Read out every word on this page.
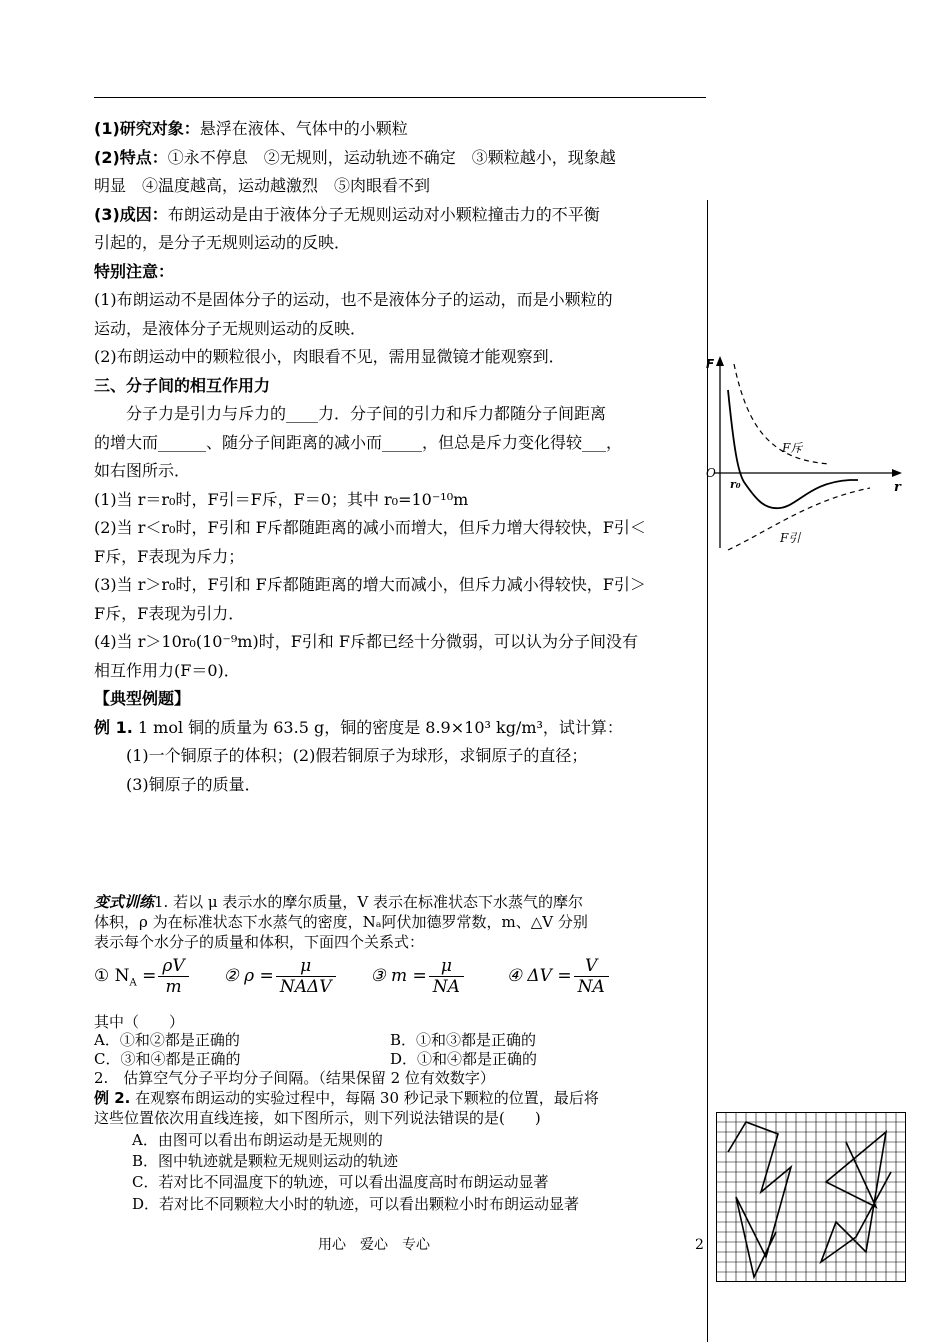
(1)研究对象：悬浮在液体、气体中的小颗粒
(2)特点：①永不停息　②无规则，运动轨迹不确定　③颗粒越小，现象越
明显　④温度越高，运动越激烈　⑤肉眼看不到
(3)成因：布朗运动是由于液体分子无规则运动对小颗粒撞击力的不平衡
引起的，是分子无规则运动的反映．
特别注意：
(1)布朗运动不是固体分子的运动，也不是液体分子的运动，而是小颗粒的
运动，是液体分子无规则运动的反映．
(2)布朗运动中的颗粒很小，肉眼看不见，需用显微镜才能观察到．
三、分子间的相互作用力
分子力是引力与斥力的____力．分子间的引力和斥力都随分子间距离
的增大而______、随分子间距离的减小而_____，但总是斥力变化得较___，
如右图所示．
(1)当 r＝r₀时，F引＝F斥，F＝0；其中 r₀=10⁻¹⁰m
(2)当 r＜r₀时，F引和 F斥都随距离的减小而增大，但斥力增大得较快，F引＜
F斥，F表现为斥力；
(3)当 r＞r₀时，F引和 F斥都随距离的增大而减小，但斥力减小得较快，F引＞
F斥，F表现为引力．
(4)当 r＞10r₀(10⁻⁹m)时，F引和 F斥都已经十分微弱，可以认为分子间没有
相互作用力(F＝0)．
【典型例题】
例 1. 1 mol 铜的质量为 63.5 g，铜的密度是 8.9×10³ kg/m³，试计算：
(1)一个铜原子的体积；(2)假若铜原子为球形，求铜原子的直径；
(3)铜原子的质量．
变式训练1. 若以 μ 表示水的摩尔质量，V 表示在标准状态下水蒸气的摩尔
体积，ρ 为在标准状态下水蒸气的密度，Nₐ阿伏加德罗常数，m、△V 分别
表示每个水分子的质量和体积，下面四个关系式：
① $N_A = \frac{\rho V}{m}$ ② $\rho = \frac{\mu}{\text{NAΔV}}$ ③ $m = \frac{\mu}{NA}$	④ $\Delta V = \frac{V}{NA}$
其中（　　）
A．①和②都是正确的	B．①和③都是正确的
C．③和④都是正确的	D．①和④都是正确的
2.　估算空气分子平均分子间隔。（结果保留 2 位有效数字）
例 2. 在观察布朗运动的实验过程中，每隔 30 秒记录下颗粒的位置，最后将
这些位置依次用直线连接，如下图所示，则下列说法错误的是(　　)
A．由图可以看出布朗运动是无规则的
B．图中轨迹就是颗粒无规则运动的轨迹
C．若对比不同温度下的轨迹，可以看出温度高时布朗运动显著
D．若对比不同颗粒大小时的轨迹，可以看出颗粒小时布朗运动显著
用心　爱心　专心	2
F
r
O
r₀
F斥
F引
